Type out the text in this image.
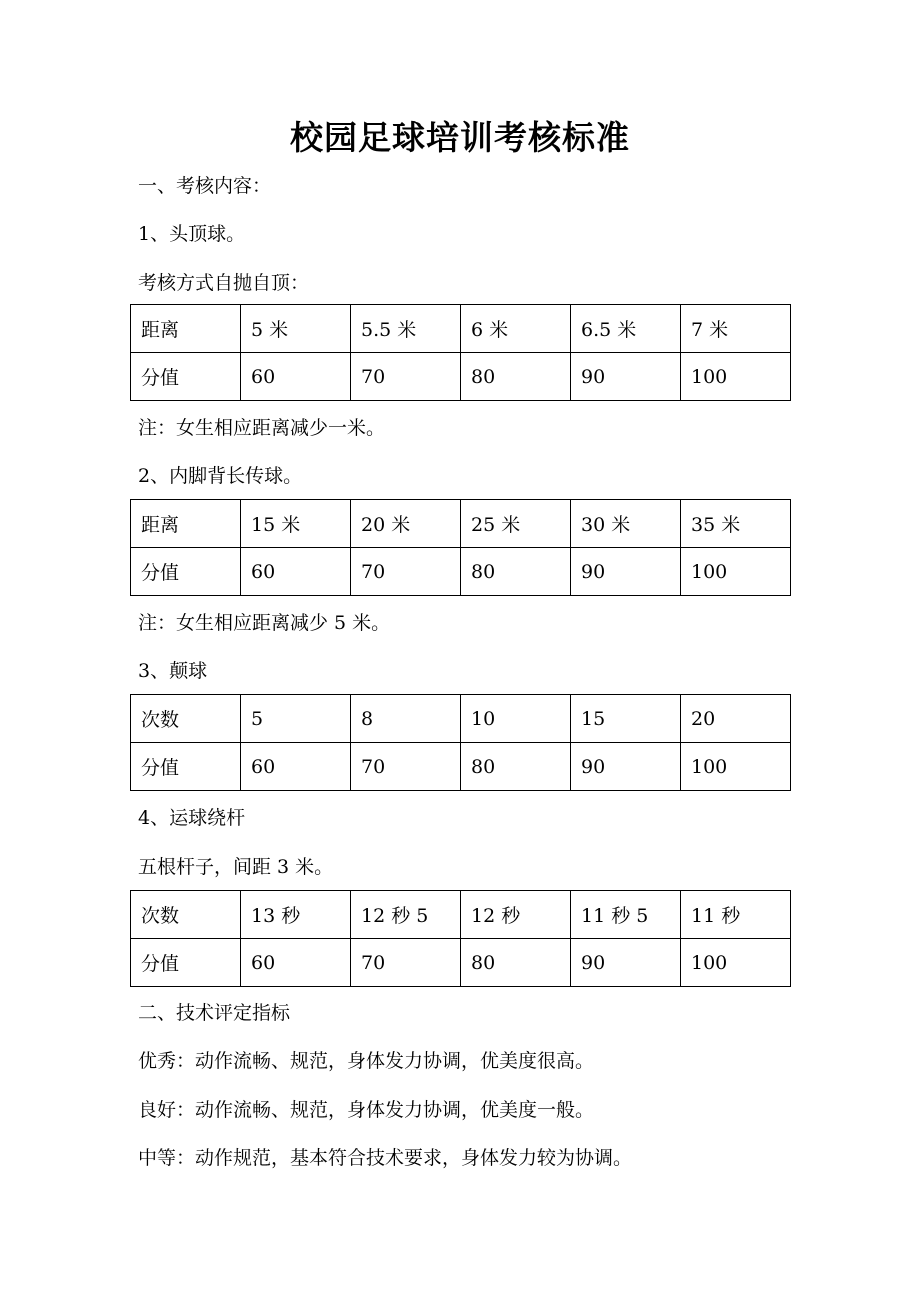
校园足球培训考核标准
一、考核内容：
1、头顶球。
考核方式自抛自顶：
距离	5 米	5.5 米	6 米	6.5 米	7 米
分值	60	70	80	90	100
注：女生相应距离减少一米。
2、内脚背长传球。
距离	15 米	20 米	25 米	30 米	35 米
分值	60	70	80	90	100
注：女生相应距离减少 5 米。
3、颠球
次数	5	8	10	15	20
分值	60	70	80	90	100
4、运球绕杆
五根杆子，间距 3 米。
次数	13 秒	12 秒 5	12 秒	11 秒 5	11 秒
分值	60	70	80	90	100
二、技术评定指标
优秀：动作流畅、规范，身体发力协调，优美度很高。
良好：动作流畅、规范，身体发力协调，优美度一般。
中等：动作规范，基本符合技术要求，身体发力较为协调。
